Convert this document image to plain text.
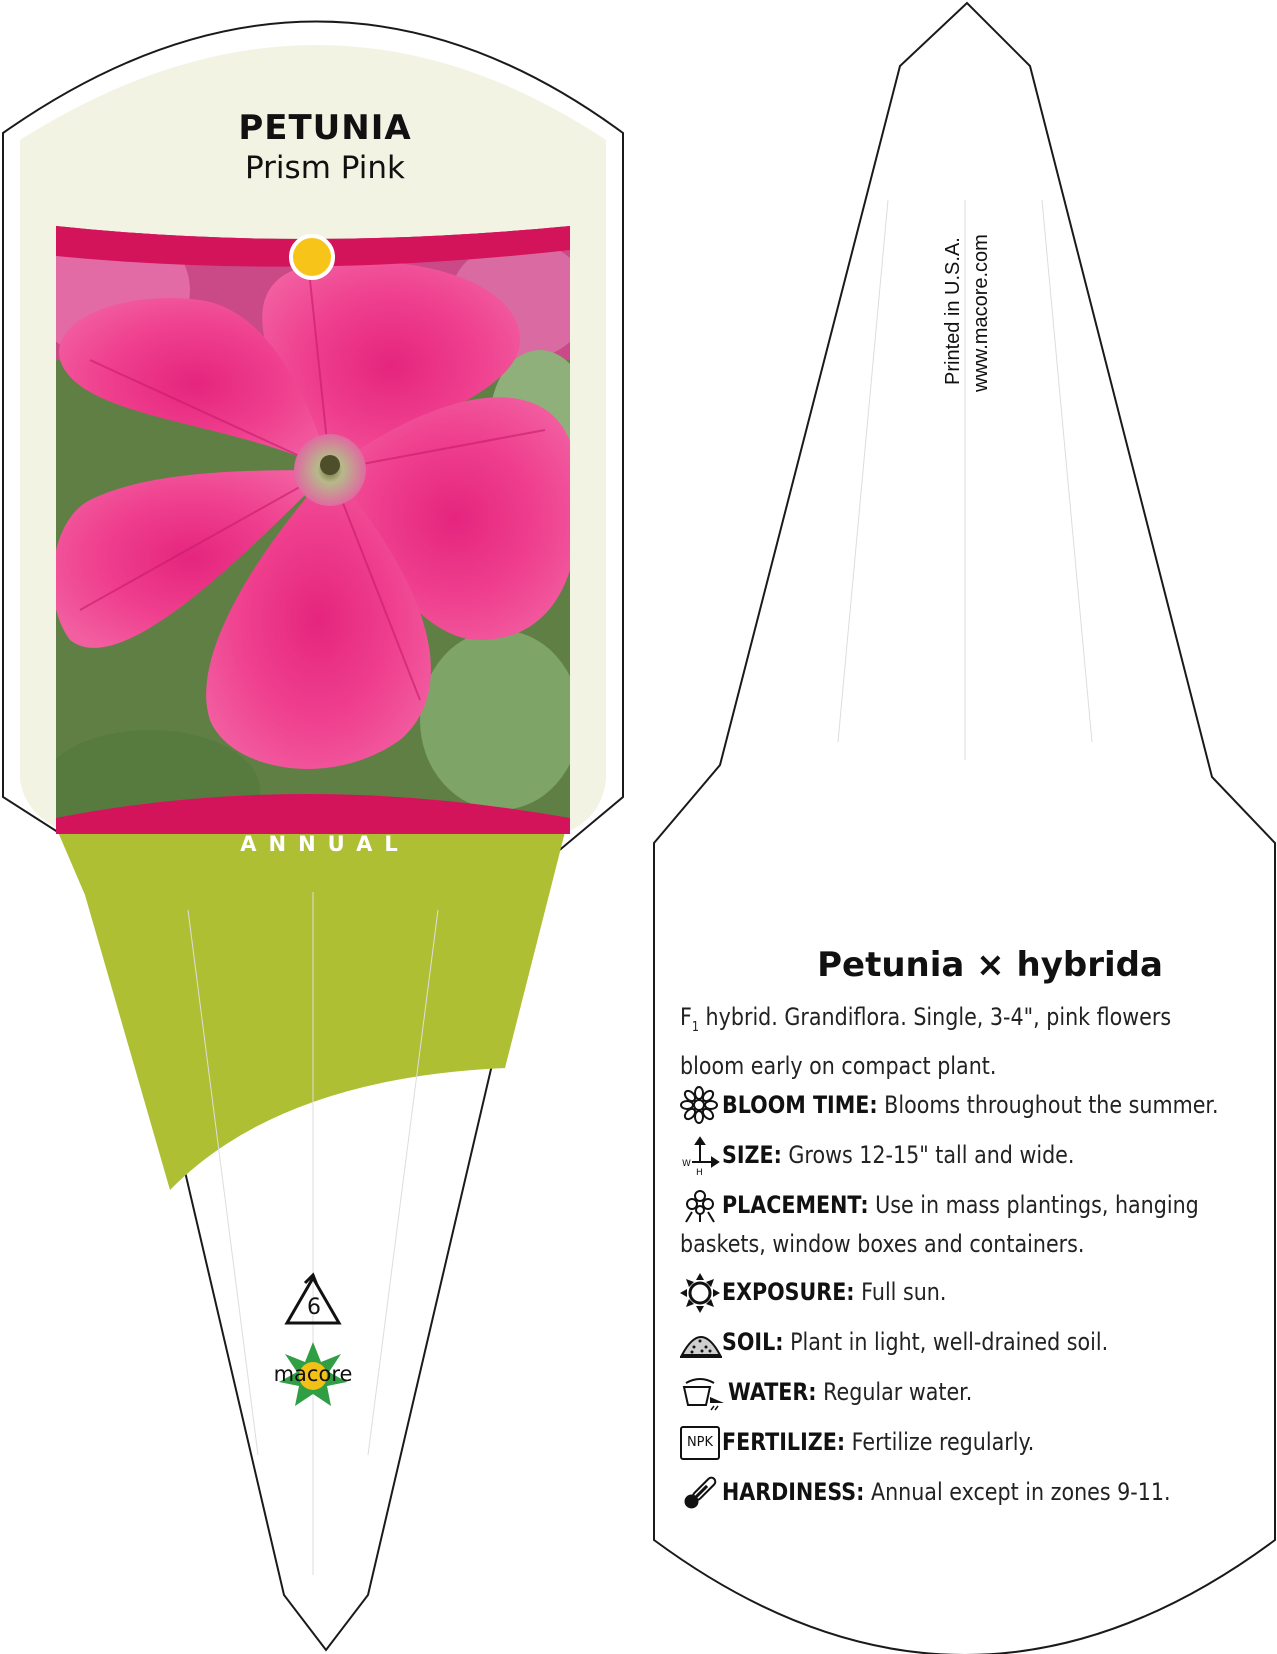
PETUNIA
Prism Pink
ANNUAL
6
macore
Printed in U.S.A. www.macore.com
Petunia × hybrida
$F_1$ hybrid. Grandiflora. Single, 3-4", pink flowers bloom early on compact plant.
BLOOM TIME: Blooms throughout the summer.
W
H
SIZE: Grows 12-15" tall and wide.
PLACEMENT: Use in mass plantings, hanging
baskets, window boxes and containers.
EXPOSURE: Full sun.
SOIL: Plant in light, well-drained soil.
WATER: Regular water.
NPK FERTILIZE: Fertilize regularly.
HARDINESS: Annual except in zones 9-11.
